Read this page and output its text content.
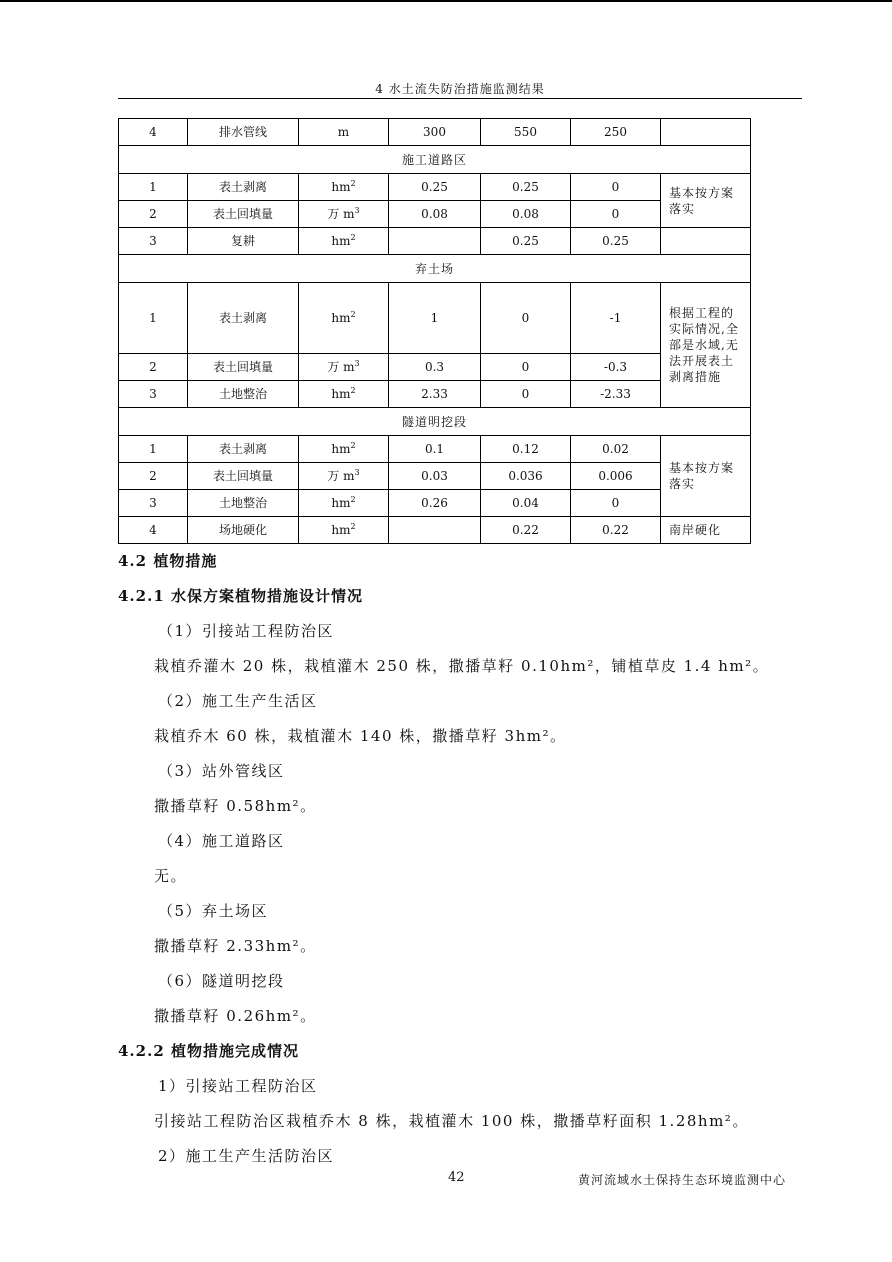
4 水土流失防治措施监测结果
4	排水管线	m	300	550	250	
施工道路区						
1	表土剥离	$hm^2$	0.25	0.25	0	基本按方案落实
2	表土回填量	万 $m^3$	0.08	0.08	0	
3	复耕	$hm^2$		0.25	0.25	
弃土场						
1	表土剥离	$hm^2$	1	0	-1	根据工程的实际情况,全部是水域,无法开展表土剥离措施
2	表土回填量	万 $m^3$	0.3	0	-0.3	
3	土地整治	$hm^2$	2.33	0	-2.33	
隧道明挖段						
1	表土剥离	$hm^2$	0.1	0.12	0.02	基本按方案落实
2	表土回填量	万 $m^3$	0.03	0.036	0.006	
3	土地整治	$hm^2$	0.26	0.04	0	
4	场地硬化	$hm^2$		0.22	0.22	南岸硬化
4.2 植物措施
4.2.1 水保方案植物措施设计情况
（1）引接站工程防治区
栽植乔灌木 20 株，栽植灌木 250 株，撒播草籽 0.10hm²，铺植草皮 1.4 hm²。
（2）施工生产生活区
栽植乔木 60 株，栽植灌木 140 株，撒播草籽 3hm²。
（3）站外管线区
撒播草籽 0.58hm²。
（4）施工道路区
无。
（5）弃土场区
撒播草籽 2.33hm²。
（6）隧道明挖段
撒播草籽 0.26hm²。
4.2.2 植物措施完成情况
1）引接站工程防治区
引接站工程防治区栽植乔木 8 株，栽植灌木 100 株，撒播草籽面积 1.28hm²。
2）施工生产生活防治区
42	黄河流域水土保持生态环境监测中心
